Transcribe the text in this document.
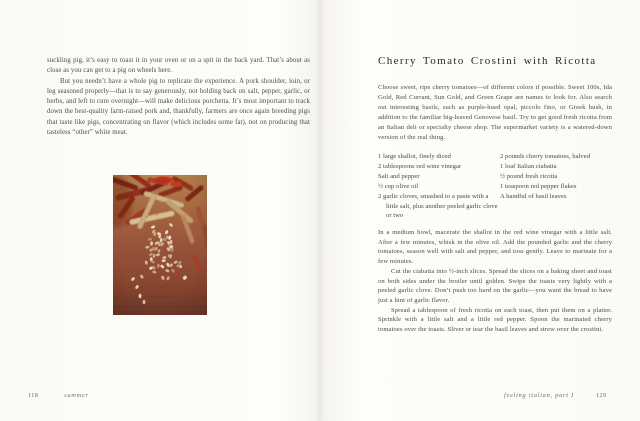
suckling pig, it’s easy to roast it in your oven or on a spit in the back yard. That’s about as close as you can get to a pig on wheels here.

But you needn’t have a whole pig to replicate the experience. A pork shoulder, loin, or leg seasoned properly—that is to say generously, not holding back on salt, pepper, garlic, or herbs, and left to cure overnight—will make delicious porchetta. It’s most important to track down the best-quality farm-raised pork and, thankfully, farmers are once again breeding pigs that taste like pigs, concentrating on flavor (which includes some fat), not on producing that tasteless “other” white meat.

118	summer
Cherry Tomato Crostini with Ricotta

Choose sweet, ripe cherry tomatoes—of different colors if possible. Sweet 100s, Ida Gold, Red Currant, Sun Gold, and Green Grape are names to look for. Also search out interesting basils, such as purple-hued opal, piccolo fino, or Greek bush, in addition to the familiar big-leaved Genovese basil. Try to get good fresh ricotta from an Italian deli or specialty cheese shop. The supermarket variety is a watered-down version of the real thing.

1 large shallot, finely diced
2 tablespoons red wine vinegar
Salt and pepper
½ cup olive oil
2 garlic cloves, smashed to a paste with a little salt, plus another peeled garlic clove or two
2 pounds cherry tomatoes, halved
1 loaf Italian ciabatta
½ pound fresh ricotta
1 teaspoon red pepper flakes
A handful of basil leaves

In a medium bowl, macerate the shallot in the red wine vinegar with a little salt. After a few minutes, whisk in the olive oil. Add the pounded garlic and the cherry tomatoes, season well with salt and pepper, and toss gently. Leave to marinate for a few minutes.

Cut the ciabatta into ½-inch slices. Spread the slices on a baking sheet and toast on both sides under the broiler until golden. Swipe the toasts very lightly with a peeled garlic clove. Don’t push too hard on the garlic—you want the bread to have just a hint of garlic flavor.

Spread a tablespoon of fresh ricotta on each toast, then put them on a platter. Sprinkle with a little salt and a little red pepper. Spoon the marinated cherry tomatoes over the toasts. Sliver or tear the basil leaves and strew over the crostini.

feeling italian, part I	129
